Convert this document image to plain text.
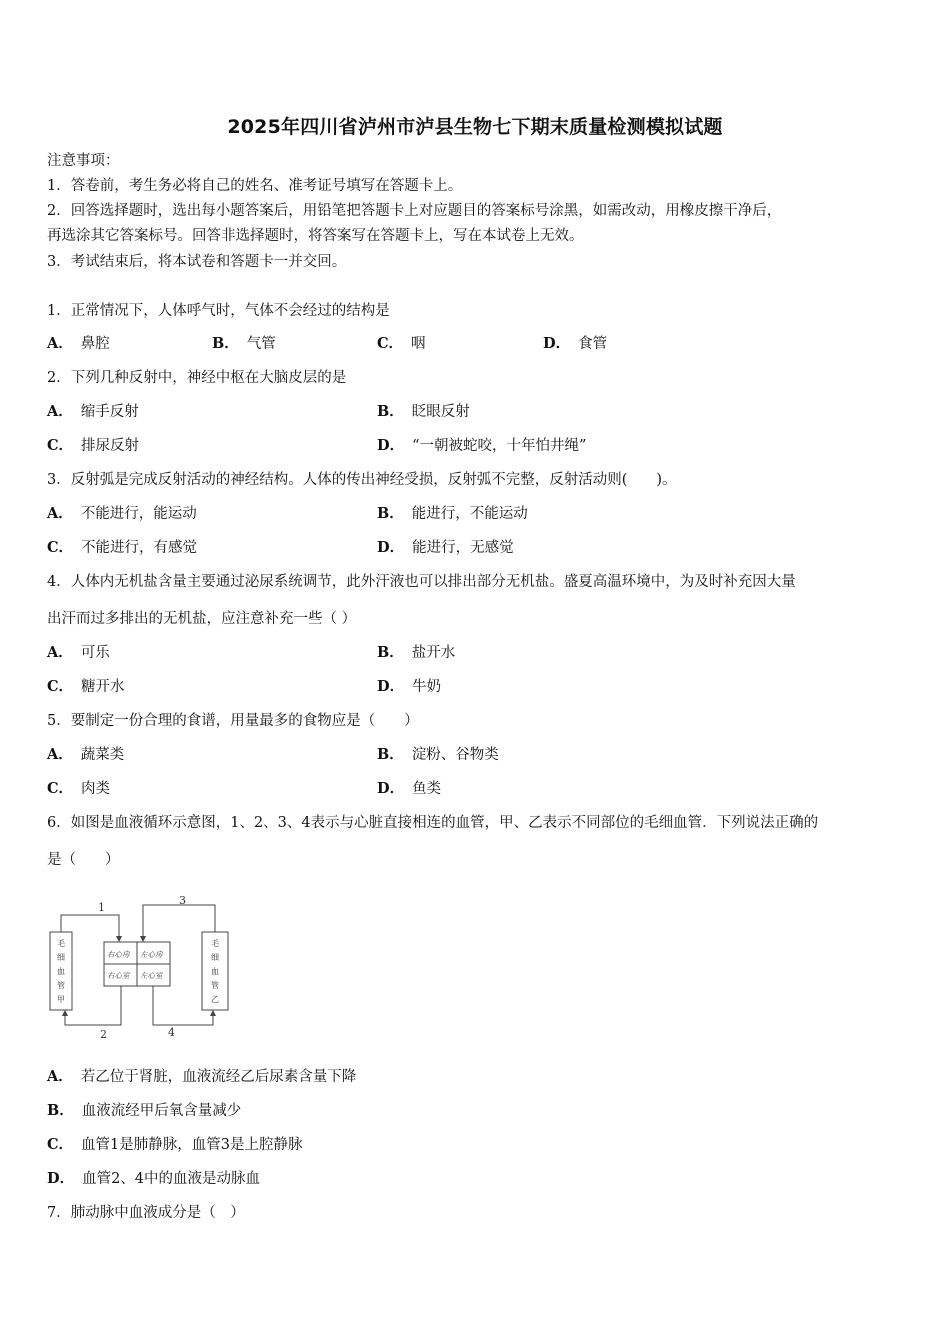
2025年四川省泸州市泸县生物七下期末质量检测模拟试题
注意事项：
1．答卷前，考生务必将自己的姓名、准考证号填写在答题卡上。
2．回答选择题时，选出每小题答案后，用铅笔把答题卡上对应题目的答案标号涂黑，如需改动，用橡皮擦干净后，
再选涂其它答案标号。回答非选择题时，将答案写在答题卡上，写在本试卷上无效。
3．考试结束后，将本试卷和答题卡一并交回。
1．正常情况下，人体呼气时，气体不会经过的结构是
A． 鼻腔	B． 气管	C． 咽	D． 食管
2．下列几种反射中，神经中枢在大脑皮层的是
A． 缩手反射	B． 眨眼反射
C． 排尿反射	D． “一朝被蛇咬，十年怕井绳”
3．反射弧是完成反射活动的神经结构。人体的传出神经受损，反射弧不完整，反射活动则(　　)。
A． 不能进行，能运动	B． 能进行，不能运动
C． 不能进行，有感觉	D． 能进行，无感觉
4．人体内无机盐含量主要通过泌尿系统调节，此外汗液也可以排出部分无机盐。盛夏高温环境中，为及时补充因大量
出汗而过多排出的无机盐，应注意补充一些（ ）
A． 可乐	B． 盐开水
C． 糖开水	D． 牛奶
5．要制定一份合理的食谱，用量最多的食物应是（　　）
A． 蔬菜类	B． 淀粉、谷物类
C． 肉类	D． 鱼类
6．如图是血液循环示意图，1、2、3、4表示与心脏直接相连的血管，甲、乙表示不同部位的毛细血管．下列说法正确的
是（　　）
1
2
3
4
毛
细
血
管
甲
毛
细
血
管
乙
右心房 左心房
右心室 左心室
A． 若乙位于肾脏，血液流经乙后尿素含量下降
B． 血液流经甲后氧含量减少
C． 血管1是肺静脉，血管3是上腔静脉
D． 血管2、4中的血液是动脉血
7．肺动脉中血液成分是（　）
